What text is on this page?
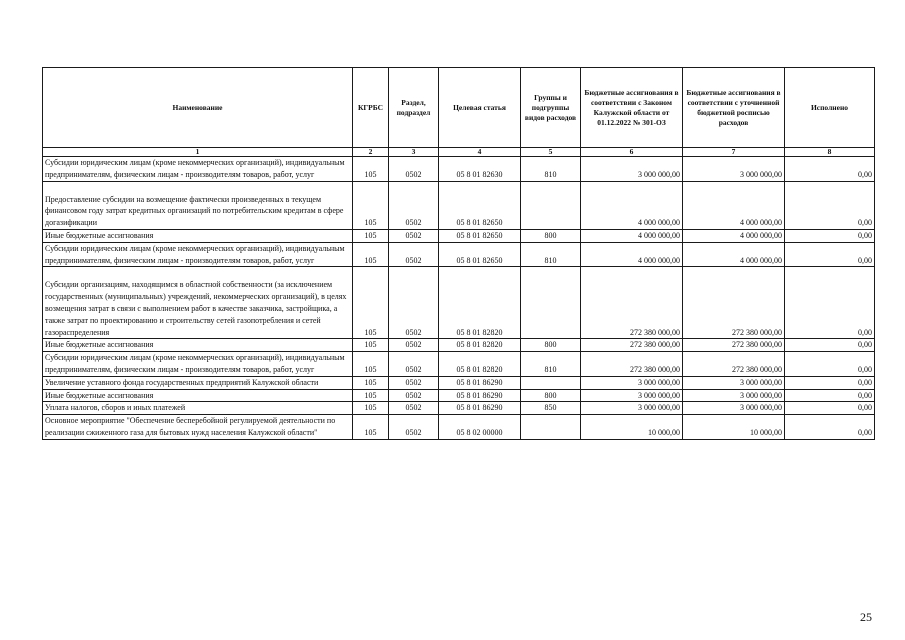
Наименование	КГРБС	Раздел, подраздел	Целевая статья	Группы и подгруппы видов расходов	Бюджетные ассигнования в соответствии с Законом Калужской области от 01.12.2022 № 301-ОЗ	Бюджетные ассигнования в соответствии с уточненной бюджетной росписью расходов	Исполнено
1	2	3	4	5	6	7	8
Субсидии юридическим лицам (кроме некоммерческих организаций), индивидуальным предпринимателям, физическим лицам - производителям товаров, работ, услуг	105	0502	05 8 01 82630	810	3 000 000,00	3 000 000,00	0,00
Предоставление субсидии на возмещение фактически произведенных в текущем финансовом году затрат кредитных организаций по потребительским кредитам в сфере догазификации	105	0502	05 8 01 82650		4 000 000,00	4 000 000,00	0,00
Иные бюджетные ассигнования	105	0502	05 8 01 82650	800	4 000 000,00	4 000 000,00	0,00
Субсидии юридическим лицам (кроме некоммерческих организаций), индивидуальным предпринимателям, физическим лицам - производителям товаров, работ, услуг	105	0502	05 8 01 82650	810	4 000 000,00	4 000 000,00	0,00
Субсидии организациям, находящимся в областной собственности (за исключением государственных (муниципальных) учреждений, некоммерческих организаций), в целях возмещения затрат в связи с выполнением работ в качестве заказчика, застройщика, а также затрат по проектированию и строительству сетей газопотребления и сетей газораспределения	105	0502	05 8 01 82820		272 380 000,00	272 380 000,00	0,00
Иные бюджетные ассигнования	105	0502	05 8 01 82820	800	272 380 000,00	272 380 000,00	0,00
Субсидии юридическим лицам (кроме некоммерческих организаций), индивидуальным предпринимателям, физическим лицам - производителям товаров, работ, услуг	105	0502	05 8 01 82820	810	272 380 000,00	272 380 000,00	0,00
Увеличение уставного фонда государственных предприятий Калужской области	105	0502	05 8 01 86290		3 000 000,00	3 000 000,00	0,00
Иные бюджетные ассигнования	105	0502	05 8 01 86290	800	3 000 000,00	3 000 000,00	0,00
Уплата налогов, сборов и иных платежей	105	0502	05 8 01 86290	850	3 000 000,00	3 000 000,00	0,00
Основное мероприятие "Обеспечение бесперебойной регулируемой деятельности по реализации сжиженного газа для бытовых нужд населения Калужской области"	105	0502	05 8 02 00000		10 000,00	10 000,00	0,00
25
